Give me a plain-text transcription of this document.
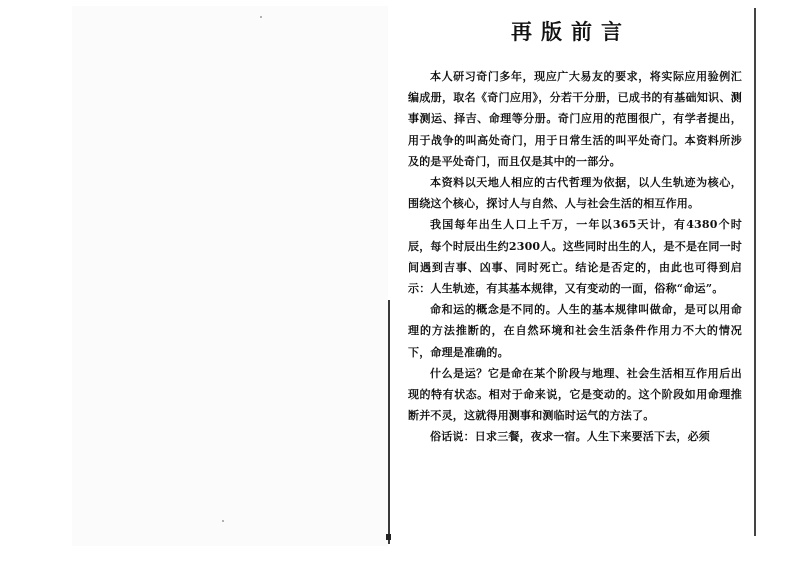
再版前言

本人研习奇门多年，现应广大易友的要求，将实际应用验例汇编成册，取名《奇门应用》，分若干分册，已成书的有基础知识、测事测运、择吉、命理等分册。奇门应用的范围很广，有学者提出，用于战争的叫高处奇门，用于日常生活的叫平处奇门。本资料所涉及的是平处奇门，而且仅是其中的一部分。

本资料以天地人相应的古代哲理为依据，以人生轨迹为核心，围绕这个核心，探讨人与自然、人与社会生活的相互作用。

我国每年出生人口上千万，一年以365天计，有4380个时辰，每个时辰出生约2300人。这些同时出生的人，是不是在同一时间遇到吉事、凶事、同时死亡。结论是否定的，由此也可得到启示：人生轨迹，有其基本规律，又有变动的一面，俗称“命运”。

命和运的概念是不同的。人生的基本规律叫做命，是可以用命理的方法推断的，在自然环境和社会生活条件作用力不大的情况下，命理是准确的。

什么是运？它是命在某个阶段与地理、社会生活相互作用后出现的特有状态。相对于命来说，它是变动的。这个阶段如用命理推断并不灵，这就得用测事和测临时运气的方法了。

俗话说：日求三餐，夜求一宿。人生下来要活下去，必须
